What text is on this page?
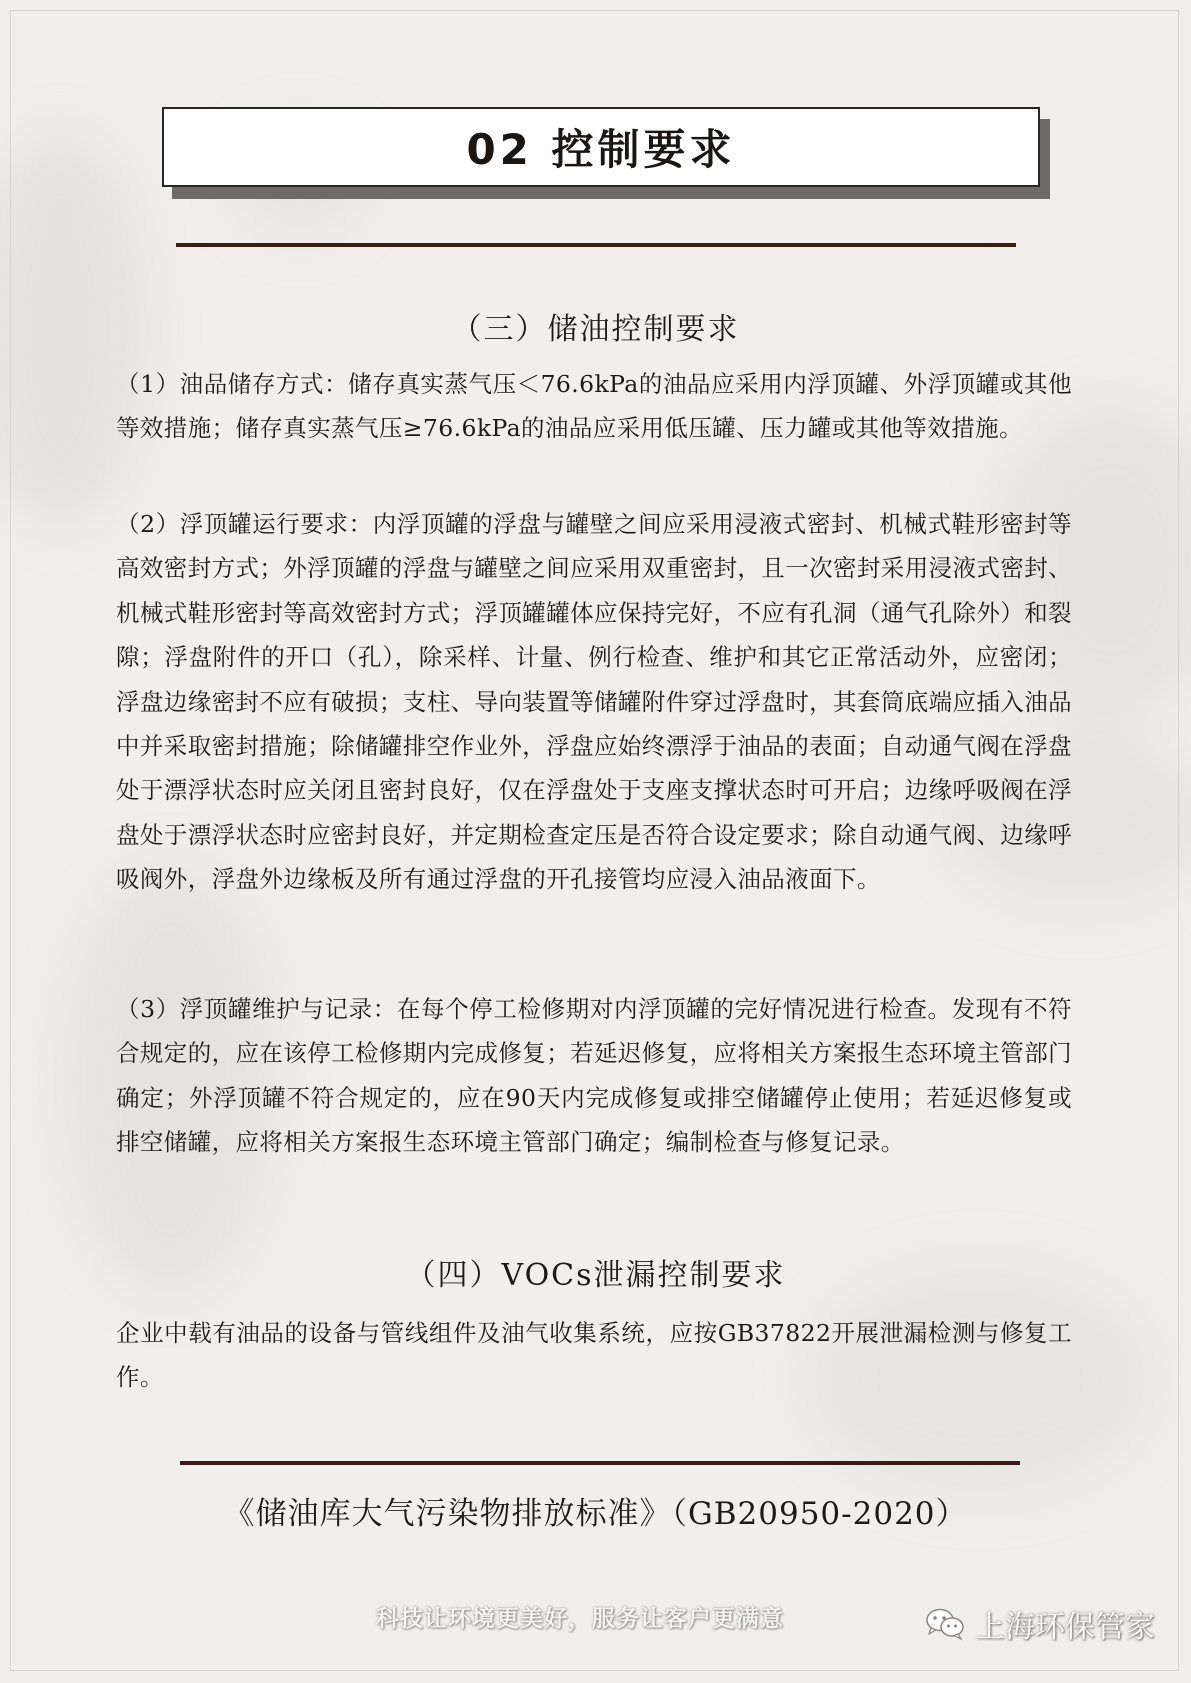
02 控制要求
（三）储油控制要求

（1）油品储存方式：储存真实蒸气压＜76.6kPa的油品应采用内浮顶罐、外浮顶罐或其他等效措施；储存真实蒸气压≥76.6kPa的油品应采用低压罐、压力罐或其他等效措施。

（2）浮顶罐运行要求：内浮顶罐的浮盘与罐壁之间应采用浸液式密封、机械式鞋形密封等高效密封方式；外浮顶罐的浮盘与罐壁之间应采用双重密封，且一次密封采用浸液式密封、机械式鞋形密封等高效密封方式；浮顶罐罐体应保持完好，不应有孔洞（通气孔除外）和裂隙；浮盘附件的开口（孔），除采样、计量、例行检查、维护和其它正常活动外，应密闭；浮盘边缘密封不应有破损；支柱、导向装置等储罐附件穿过浮盘时，其套筒底端应插入油品中并采取密封措施；除储罐排空作业外，浮盘应始终漂浮于油品的表面；自动通气阀在浮盘处于漂浮状态时应关闭且密封良好，仅在浮盘处于支座支撑状态时可开启；边缘呼吸阀在浮盘处于漂浮状态时应密封良好，并定期检查定压是否符合设定要求；除自动通气阀、边缘呼吸阀外，浮盘外边缘板及所有通过浮盘的开孔接管均应浸入油品液面下。

（3）浮顶罐维护与记录：在每个停工检修期对内浮顶罐的完好情况进行检查。发现有不符合规定的，应在该停工检修期内完成修复；若延迟修复，应将相关方案报生态环境主管部门确定；外浮顶罐不符合规定的，应在90天内完成修复或排空储罐停止使用；若延迟修复或排空储罐，应将相关方案报生态环境主管部门确定；编制检查与修复记录。

（四）VOCs泄漏控制要求

企业中载有油品的设备与管线组件及油气收集系统，应按GB37822开展泄漏检测与修复工作。

《储油库大气污染物排放标准》（GB20950-2020）
科技让环境更美好，服务让客户更满意	上海环保管家
